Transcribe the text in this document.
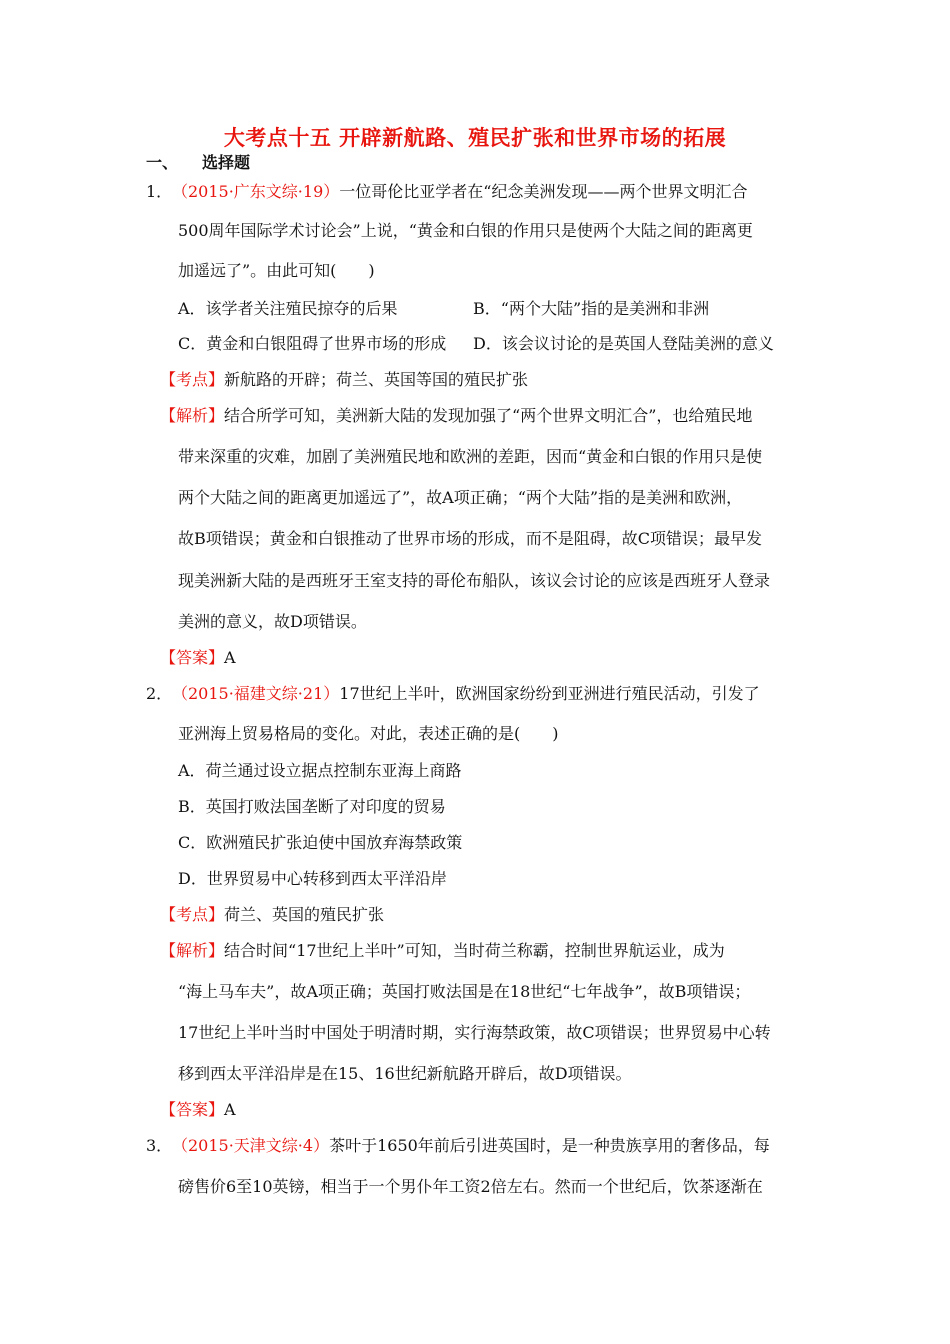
大考点十五 开辟新航路、殖民扩张和世界市场的拓展
一、 选择题
1． （2015·广东文综·19）一位哥伦比亚学者在“纪念美洲发现——两个世界文明汇合
500周年国际学术讨论会”上说，“黄金和白银的作用只是使两个大陆之间的距离更
加遥远了”。由此可知(　　)
A．该学者关注殖民掠夺的后果	B．“两个大陆”指的是美洲和非洲
C．黄金和白银阻碍了世界市场的形成 D．该会议讨论的是英国人登陆美洲的意义
【考点】新航路的开辟；荷兰、英国等国的殖民扩张
【解析】结合所学可知，美洲新大陆的发现加强了“两个世界文明汇合”，也给殖民地
带来深重的灾难，加剧了美洲殖民地和欧洲的差距，因而“黄金和白银的作用只是使
两个大陆之间的距离更加遥远了”，故A项正确；“两个大陆”指的是美洲和欧洲，
故B项错误；黄金和白银推动了世界市场的形成，而不是阻碍，故C项错误；最早发
现美洲新大陆的是西班牙王室支持的哥伦布船队，该议会讨论的应该是西班牙人登录
美洲的意义，故D项错误。
【答案】A
2． （2015·福建文综·21）17世纪上半叶，欧洲国家纷纷到亚洲进行殖民活动，引发了
亚洲海上贸易格局的变化。对此，表述正确的是(　　)
A．荷兰通过设立据点控制东亚海上商路
B．英国打败法国垄断了对印度的贸易
C．欧洲殖民扩张迫使中国放弃海禁政策
D．世界贸易中心转移到西太平洋沿岸
【考点】荷兰、英国的殖民扩张
【解析】结合时间“17世纪上半叶”可知，当时荷兰称霸，控制世界航运业，成为
“海上马车夫”，故A项正确；英国打败法国是在18世纪“七年战争”，故B项错误；
17世纪上半叶当时中国处于明清时期，实行海禁政策，故C项错误；世界贸易中心转
移到西太平洋沿岸是在15、16世纪新航路开辟后，故D项错误。
【答案】A
3． （2015·天津文综·4）茶叶于1650年前后引进英国时，是一种贵族享用的奢侈品，每
磅售价6至10英镑，相当于一个男仆年工资2倍左右。然而一个世纪后，饮茶逐渐在
